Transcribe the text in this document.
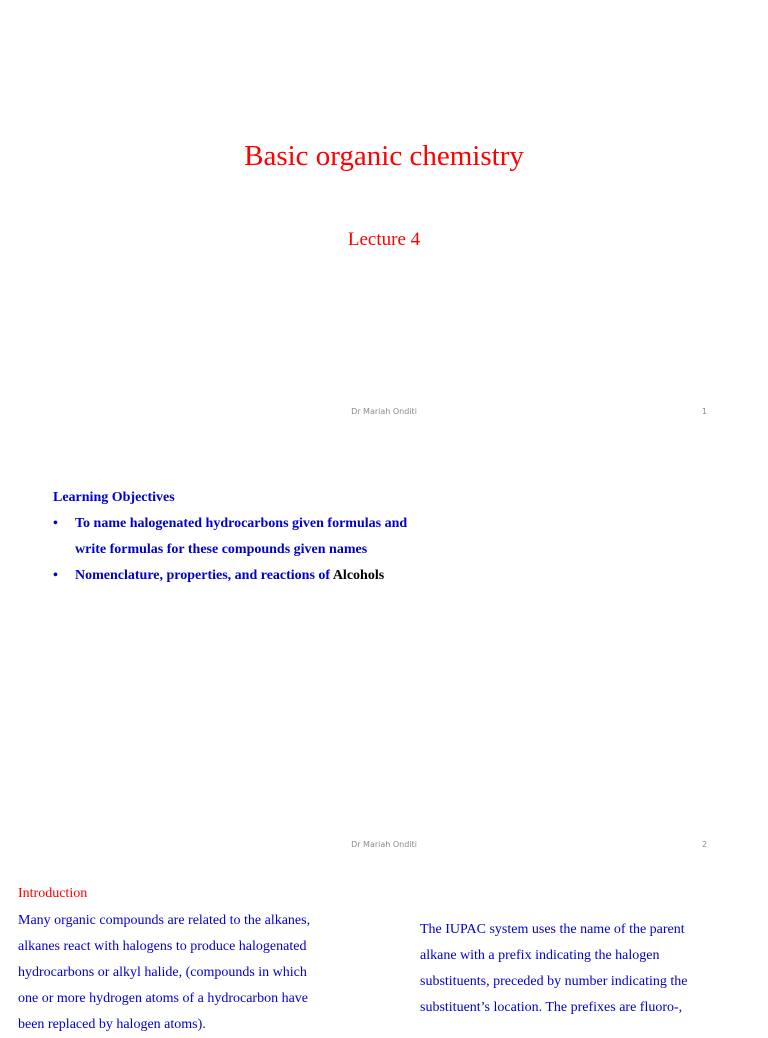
Basic organic chemistry
Lecture 4
Dr Mariah Onditi	1
Learning Objectives
• To name halogenated hydrocarbons given formulas and
write formulas for these compounds given names
• Nomenclature, properties, and reactions of Alcohols
Dr Mariah Onditi	2
Introduction
Many organic compounds are related to the alkanes,
alkanes react with halogens to produce halogenated
hydrocarbons or alkyl halide, (compounds in which
one or more hydrogen atoms of a hydrocarbon have
been replaced by halogen atoms).
The IUPAC system uses the name of the parent
alkane with a prefix indicating the halogen
substituents, preceded by number indicating the
substituent’s location. The prefixes are fluoro-,
